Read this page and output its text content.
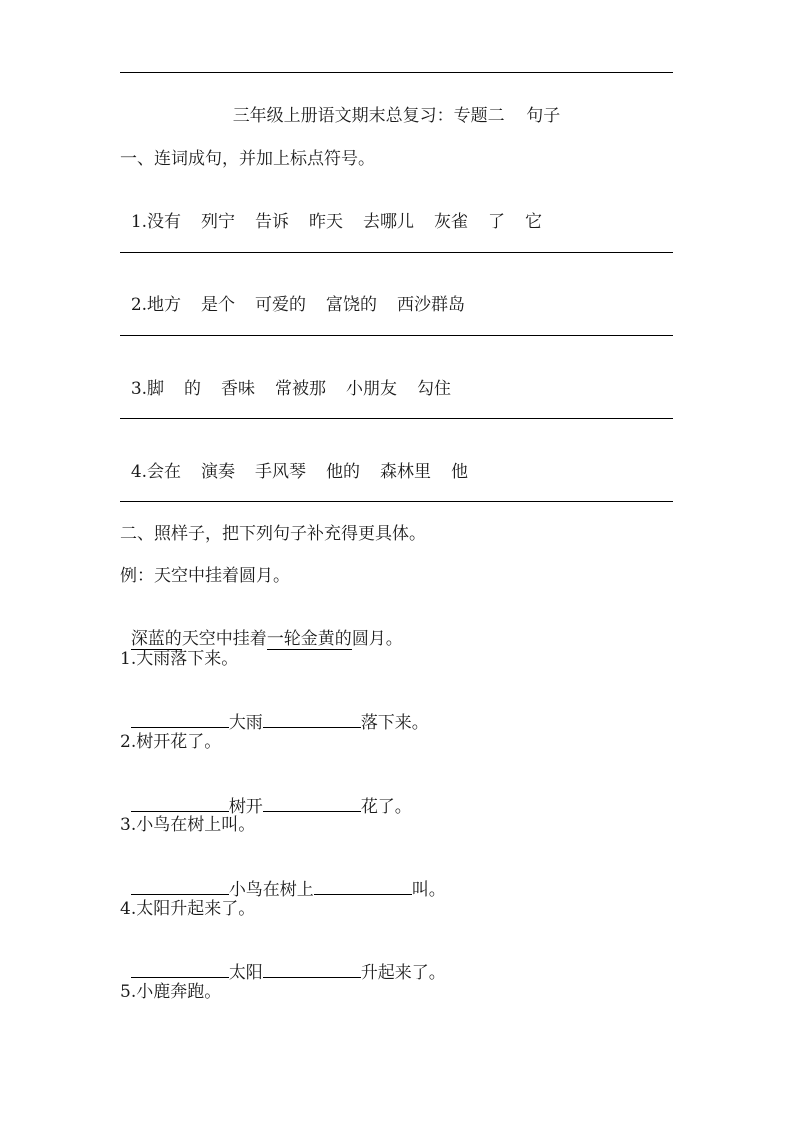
三年级上册语文期末总复习：专题二    句子
一、连词成句，并加上标点符号。

1.没有 列宁 告诉 昨天 去哪儿 灰雀 了 它

2.地方 是个 可爱的 富饶的 西沙群岛

3.脚 的 香味 常被那 小朋友 勾住

4.会在 演奏 手风琴 他的 森林里 他

二、照样子，把下列句子补充得更具体。
例：天空中挂着圆月。

深蓝的天空中挂着一轮金黄的圆月。

1.大雨落下来。

大雨	落下来。

2.树开花了。

树开	花了。

3.小鸟在树上叫。

小鸟在树上	叫。

4.太阳升起来了。

太阳	升起来了。

5.小鹿奔跑。
